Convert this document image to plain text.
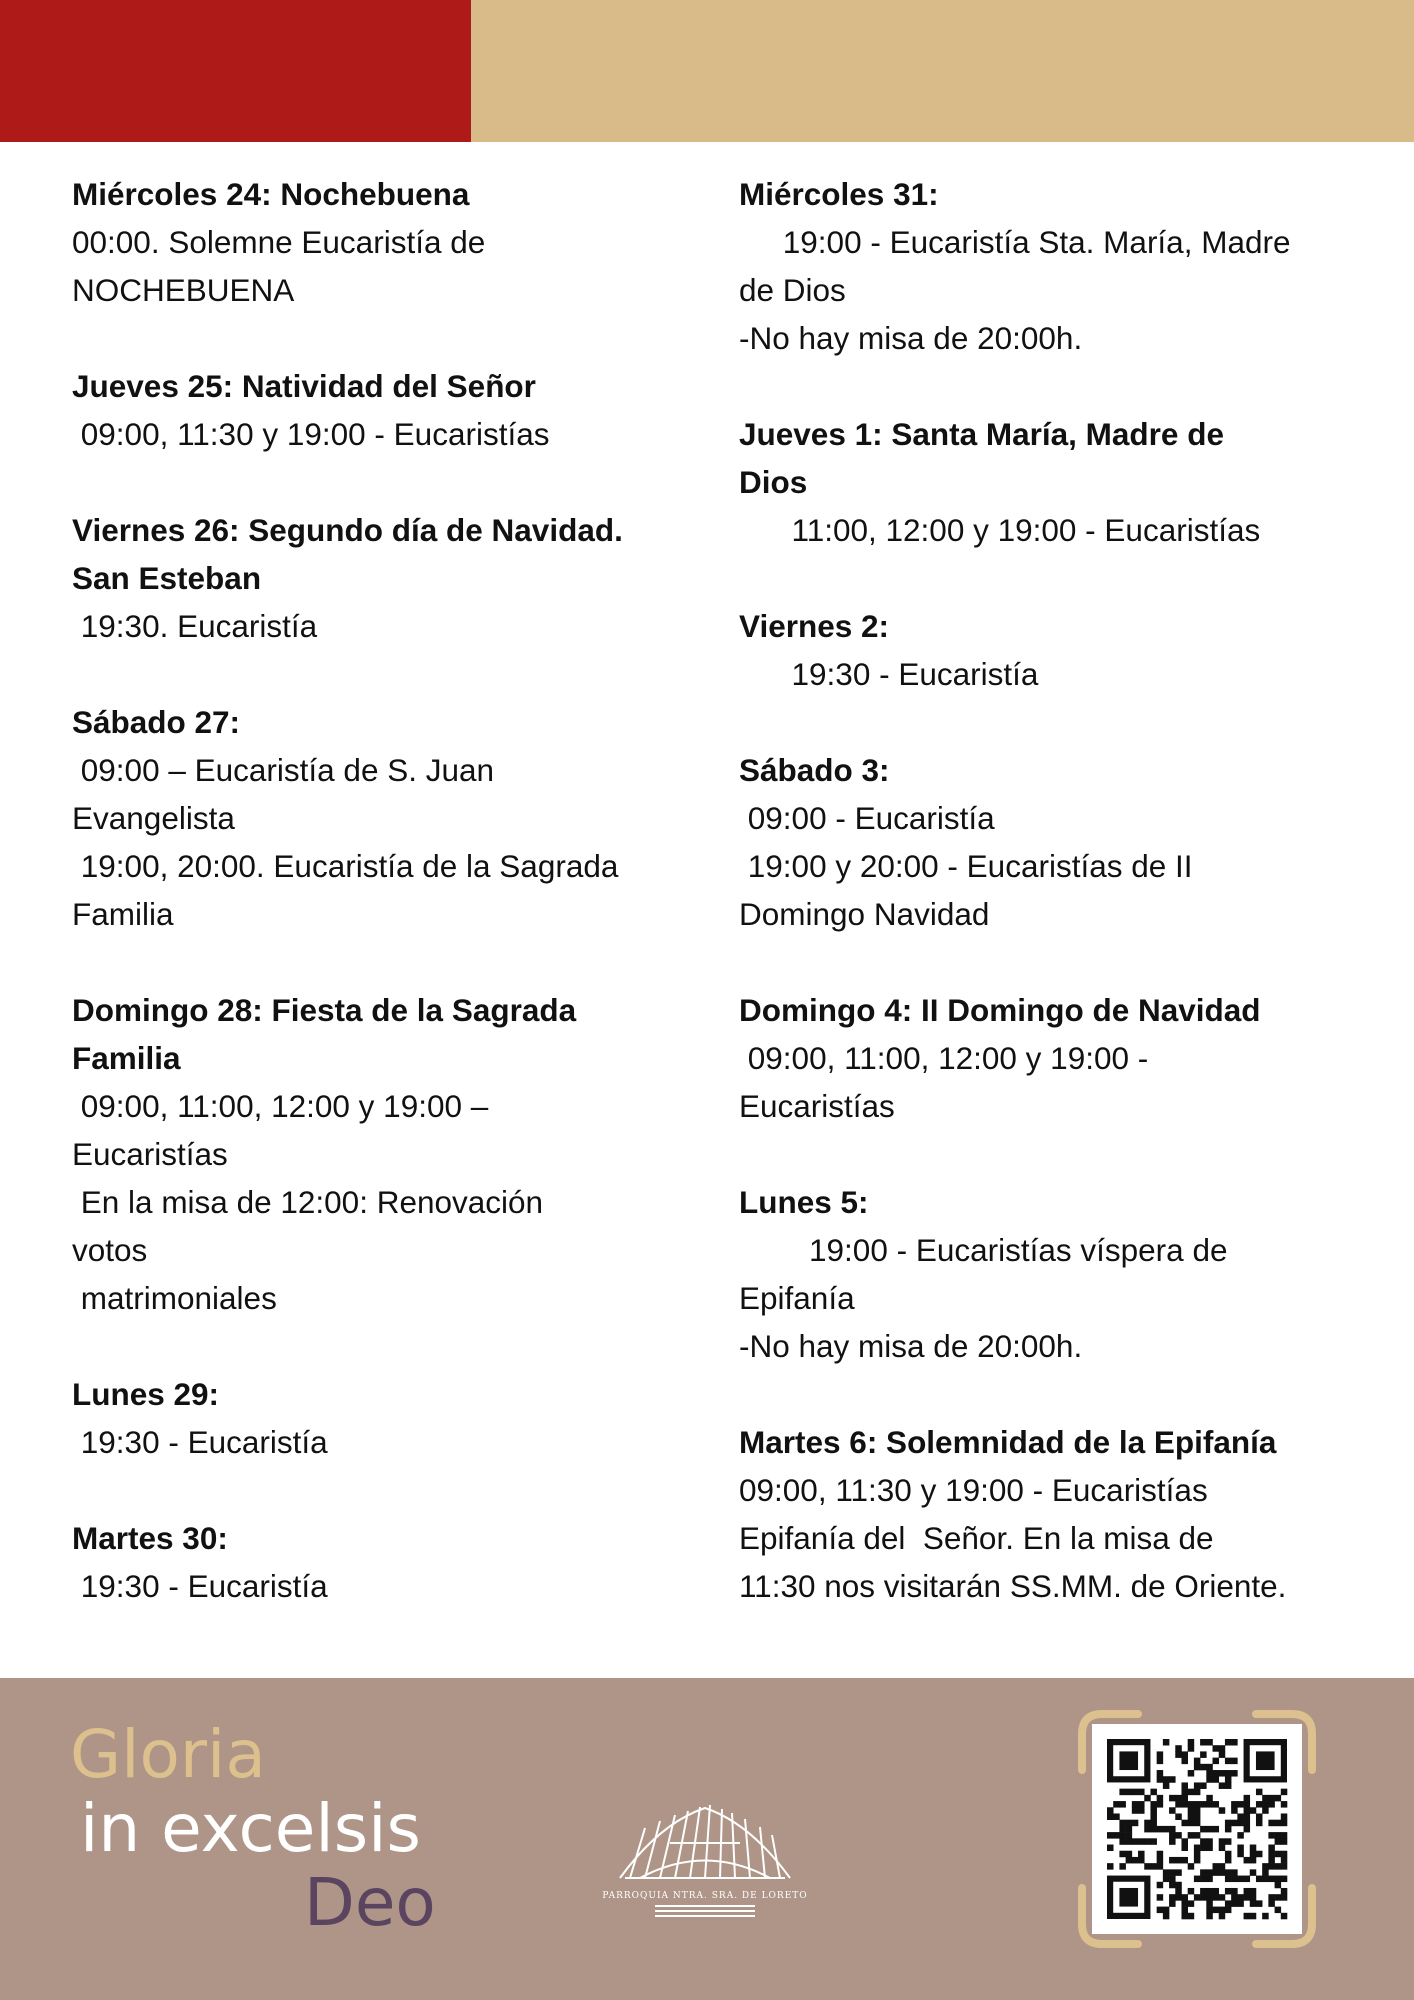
Miércoles 24: Nochebuena
00:00. Solemne Eucaristía de
NOCHEBUENA
Jueves 25: Natividad del Señor
09:00, 11:30 y 19:00 - Eucaristías
Viernes 26: Segundo día de Navidad.
San Esteban
19:30. Eucaristía
Sábado 27:
09:00 – Eucaristía de S. Juan
Evangelista
19:00, 20:00. Eucaristía de la Sagrada
Familia
Domingo 28: Fiesta de la Sagrada
Familia
09:00, 11:00, 12:00 y 19:00 –
Eucaristías
En la misa de 12:00: Renovación
votos
matrimoniales
Lunes 29:
19:30 - Eucaristía
Martes 30:
19:30 - Eucaristía
Miércoles 31:
19:00 - Eucaristía Sta. María, Madre
de Dios
-No hay misa de 20:00h.
Jueves 1: Santa María, Madre de
Dios
11:00, 12:00 y 19:00 - Eucaristías
Viernes 2:
19:30 - Eucaristía
Sábado 3:
09:00 - Eucaristía
19:00 y 20:00 - Eucaristías de II
Domingo Navidad
Domingo 4: II Domingo de Navidad
09:00, 11:00, 12:00 y 19:00 -
Eucaristías
Lunes 5:
19:00 - Eucaristías víspera de
Epifanía
-No hay misa de 20:00h.
Martes 6: Solemnidad de la Epifanía
09:00, 11:30 y 19:00 - Eucaristías
Epifanía del  Señor. En la misa de
11:30 nos visitarán SS.MM. de Oriente.
Gloria
in excelsis
Deo	PARROQUIA NTRA. SRA. DE LORETO
